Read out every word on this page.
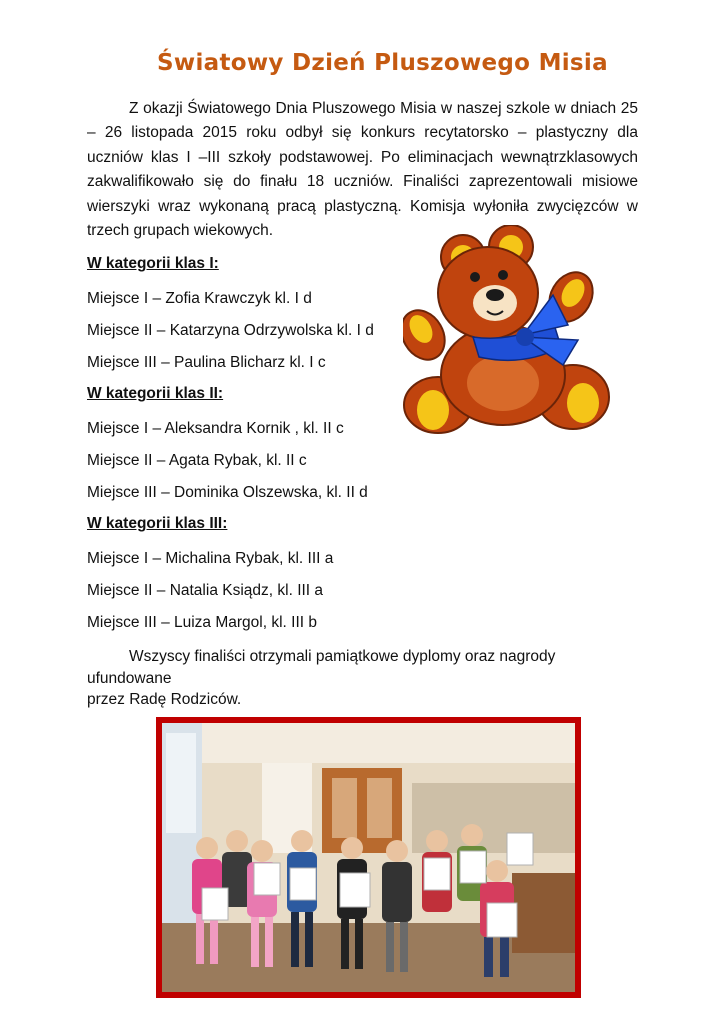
Światowy Dzień Pluszowego Misia
Z okazji Światowego Dnia Pluszowego Misia w naszej szkole w dniach 25 – 26 listopada 2015 roku odbył się konkurs recytatorsko – plastyczny dla uczniów klas I –III szkoły podstawowej. Po eliminacjach wewnątrzklasowych zakwalifikowało się do finału 18 uczniów. Finaliści zaprezentowali misiowe wierszyki wraz wykonaną pracą plastyczną. Komisja wyłoniła zwycięzców w trzech grupach wiekowych.
W kategorii klas I:
Miejsce I – Zofia Krawczyk kl. I d
Miejsce II – Katarzyna Odrzywolska kl. I d
Miejsce III – Paulina Blicharz kl. I c
W kategorii klas II:
Miejsce I – Aleksandra Kornik , kl. II c
Miejsce II – Agata Rybak, kl. II c
Miejsce III – Dominika Olszewska, kl. II d
W kategorii klas III:
Miejsce I – Michalina Rybak, kl. III a
Miejsce II – Natalia Ksiądz, kl. III a
Miejsce III – Luiza Margol, kl. III b
Wszyscy finaliści otrzymali pamiątkowe dyplomy oraz nagrody
ufundowane
przez Radę Rodziców.
